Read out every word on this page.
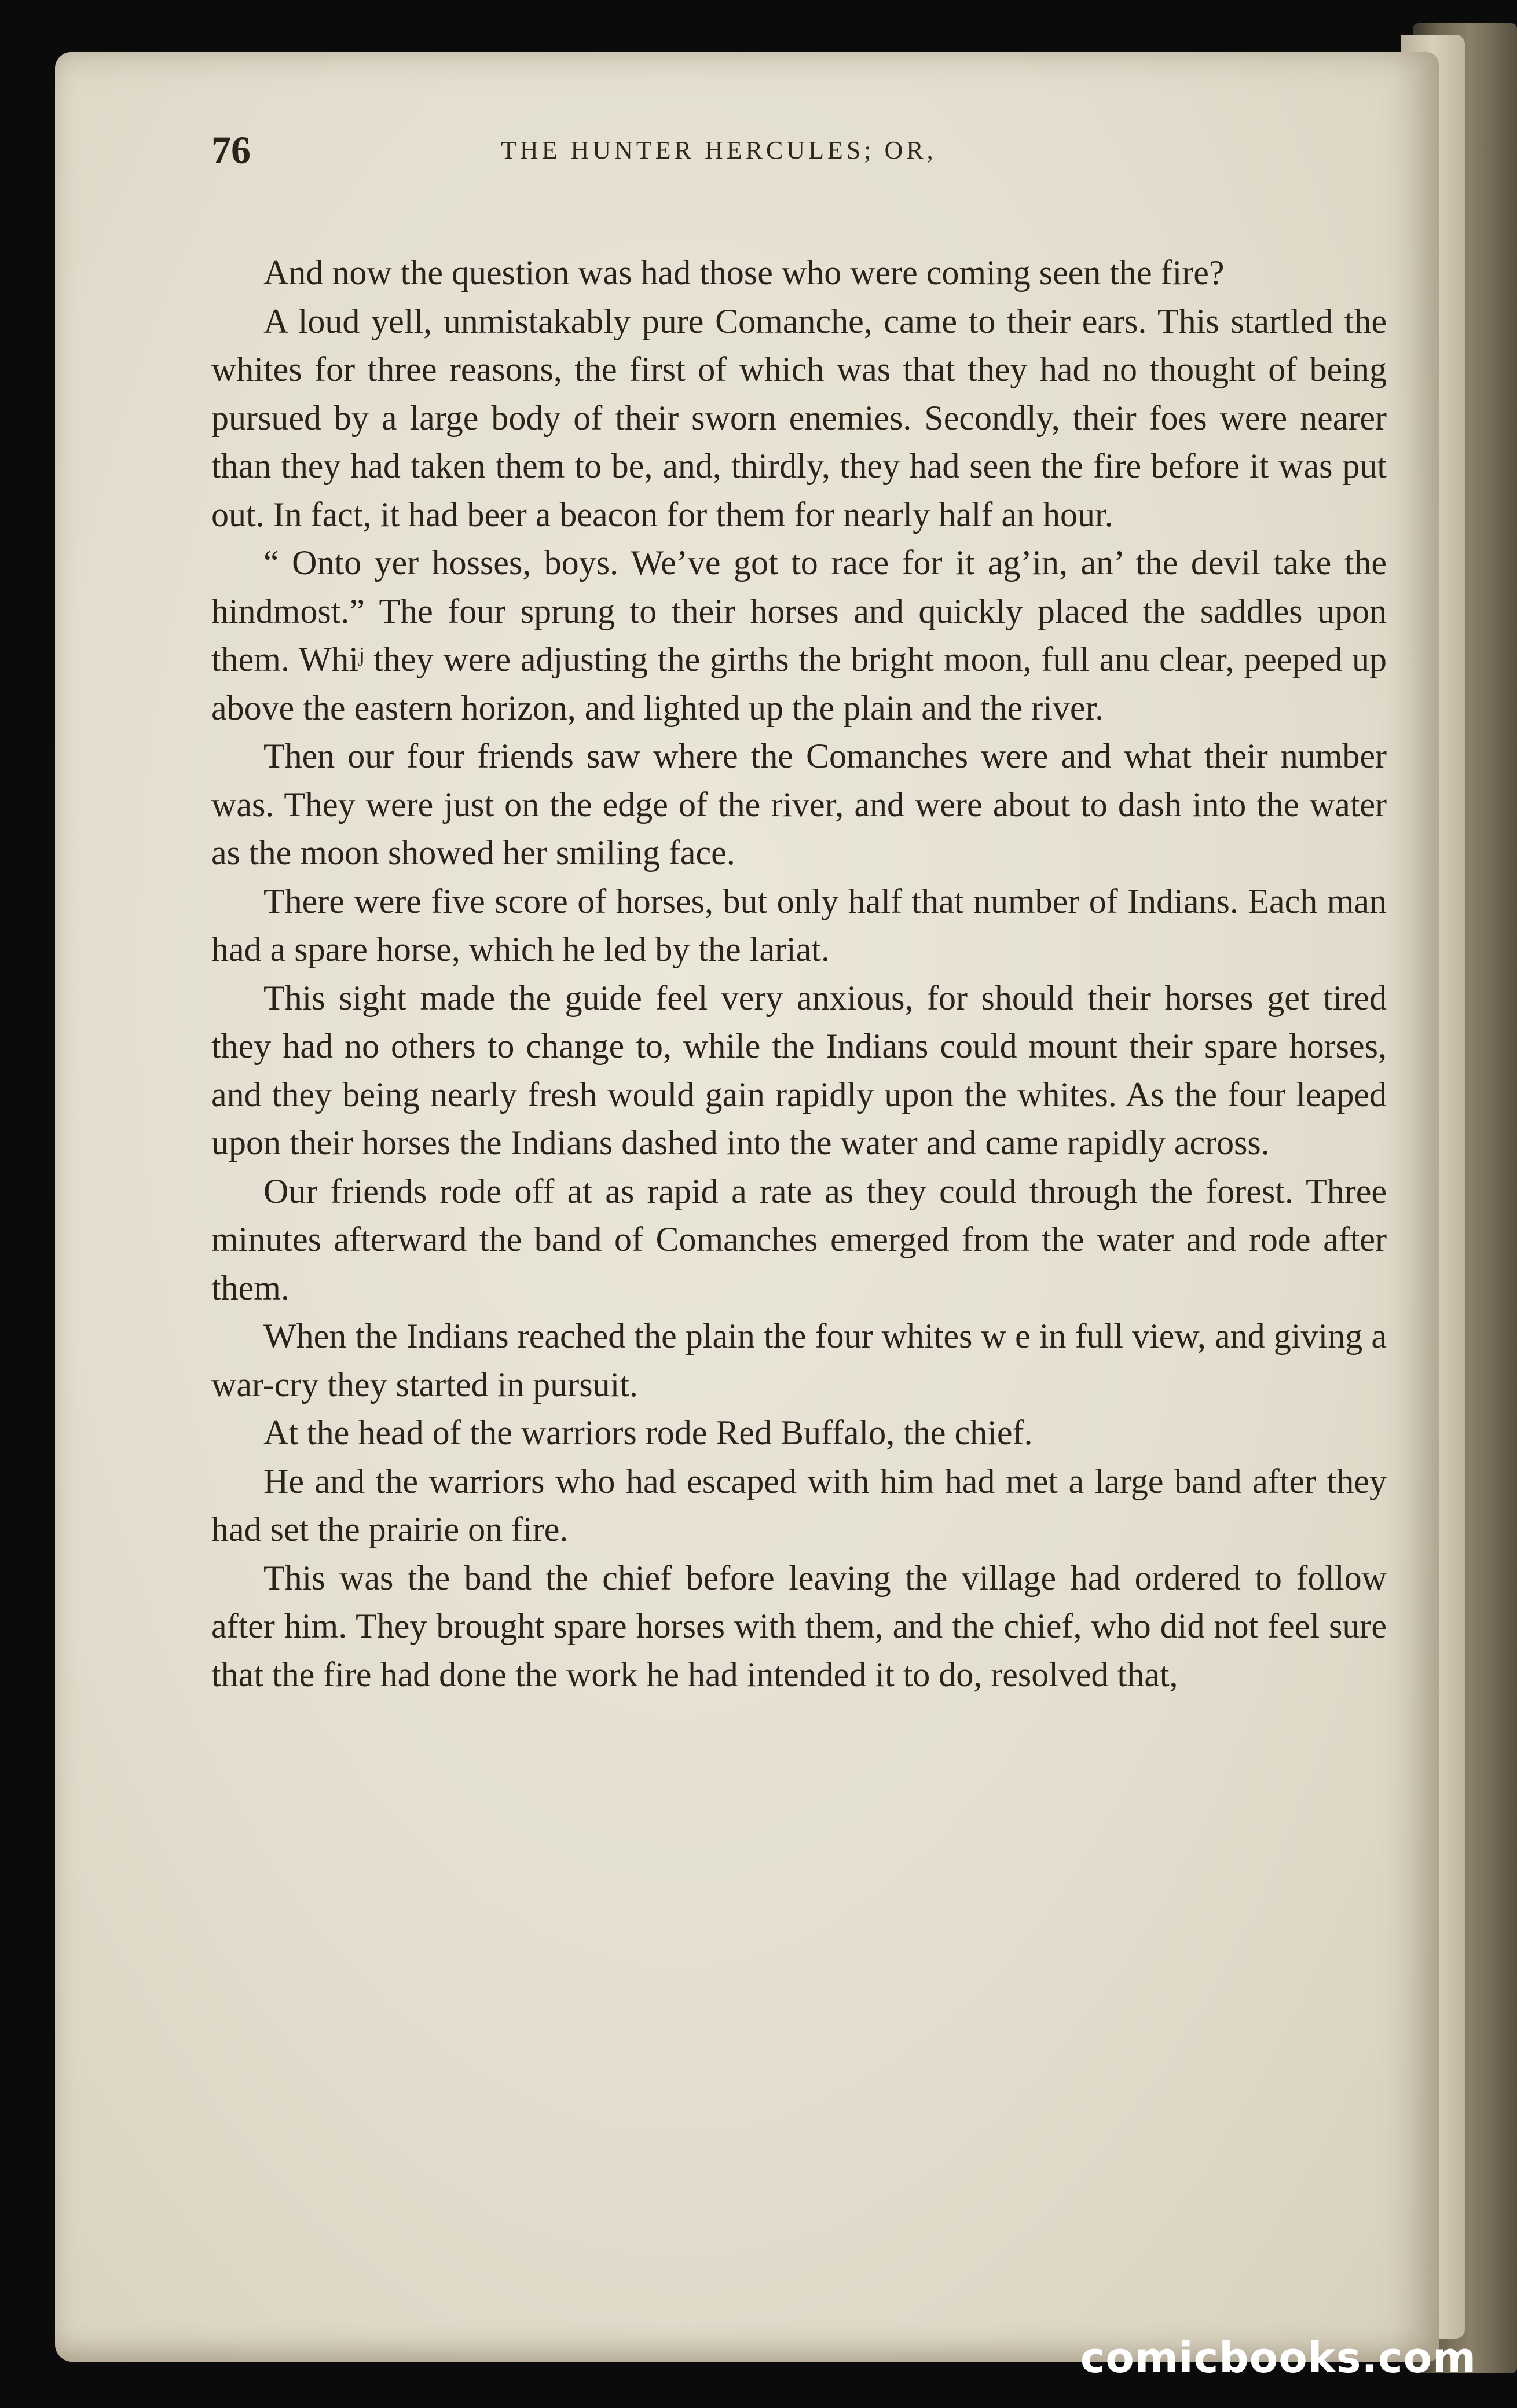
76	THE HUNTER HERCULES; OR,

And now the question was had those who were coming seen the fire?

A loud yell, unmistakably pure Comanche, came to their ears. This startled the whites for three reasons, the first of which was that they had no thought of being pursued by a large body of their sworn enemies. Secondly, their foes were nearer than they had taken them to be, and, thirdly, they had seen the fire before it was put out. In fact, it had beer a beacon for them for nearly half an hour.

“ Onto yer hosses, boys. We’ve got to race for it ag’in, an’ the devil take the hindmost.” The four sprung to their horses and quickly placed the saddles upon them. Whiʲ they were adjusting the girths the bright moon, full anu clear, peeped up above the eastern horizon, and lighted up the plain and the river.

Then our four friends saw where the Comanches were and what their number was. They were just on the edge of the river, and were about to dash into the water as the moon showed her smiling face.

There were five score of horses, but only half that number of Indians. Each man had a spare horse, which he led by the lariat.

This sight made the guide feel very anxious, for should their horses get tired they had no others to change to, while the Indians could mount their spare horses, and they being nearly fresh would gain rapidly upon the whites. As the four leaped upon their horses the Indians dashed into the water and came rapidly across.

Our friends rode off at as rapid a rate as they could through the forest. Three minutes afterward the band of Comanches emerged from the water and rode after them.

When the Indians reached the plain the four whites w e in full view, and giving a war-cry they started in pursuit.

At the head of the warriors rode Red Buffalo, the chief.

He and the warriors who had escaped with him had met a large band after they had set the prairie on fire.

This was the band the chief before leaving the village had ordered to follow after him. They brought spare horses with them, and the chief, who did not feel sure that the fire had done the work he had intended it to do, resolved that,

comicbooks.com
